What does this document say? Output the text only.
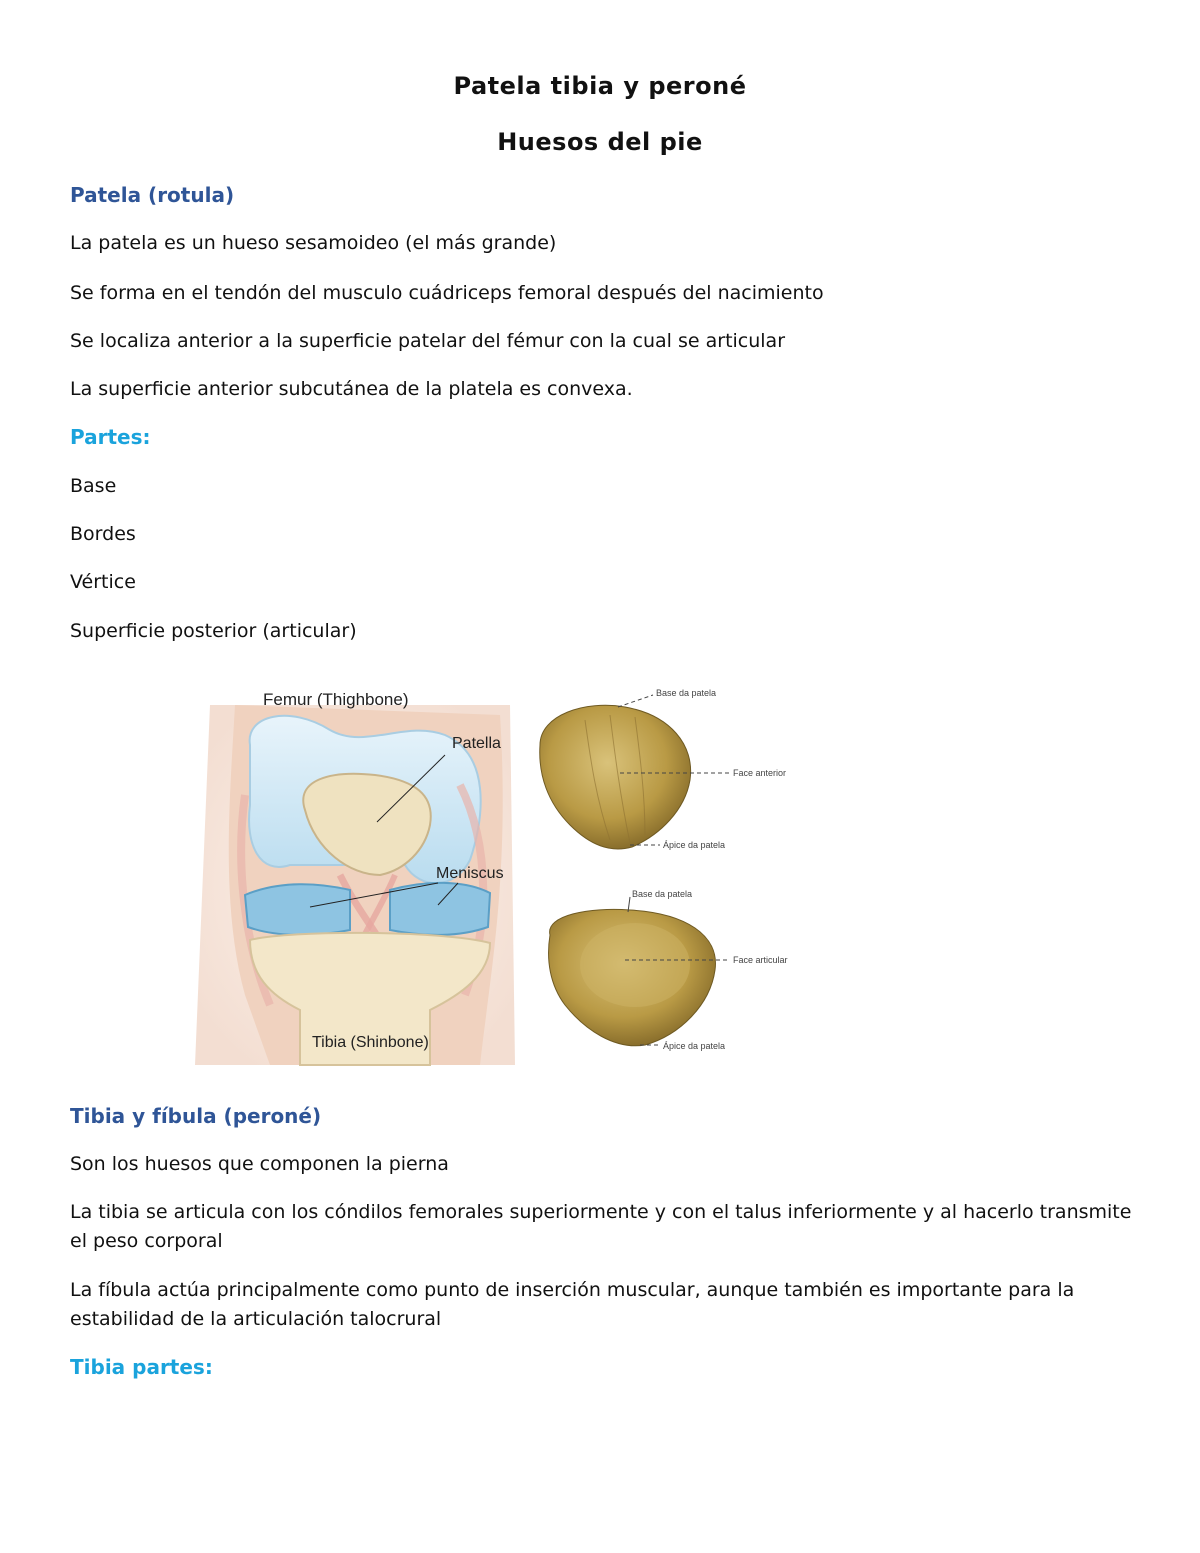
Patela tibia y peroné
Huesos del pie
Patela (rotula)
La patela es un hueso sesamoideo (el más grande)
Se forma en el tendón del musculo cuádriceps femoral después del nacimiento
Se localiza anterior a la superficie patelar del fémur con la cual se articular
La superficie anterior subcutánea de la platela es convexa.
Partes:
Base
Bordes
Vértice
Superficie posterior (articular)
Femur (Thighbone)
Patella
Meniscus
Tibia (Shinbone)
Base da patela
Face anterior
Ápice da patela
Base da patela
Face articular
Ápice da patela
Tibia y fíbula (peroné)
Son los huesos que componen la pierna
La tibia se articula con los cóndilos femorales superiormente y con el talus inferiormente y al hacerlo transmite el peso corporal
La fíbula actúa principalmente como punto de inserción muscular, aunque también es importante para la estabilidad de la articulación talocrural
Tibia partes:
